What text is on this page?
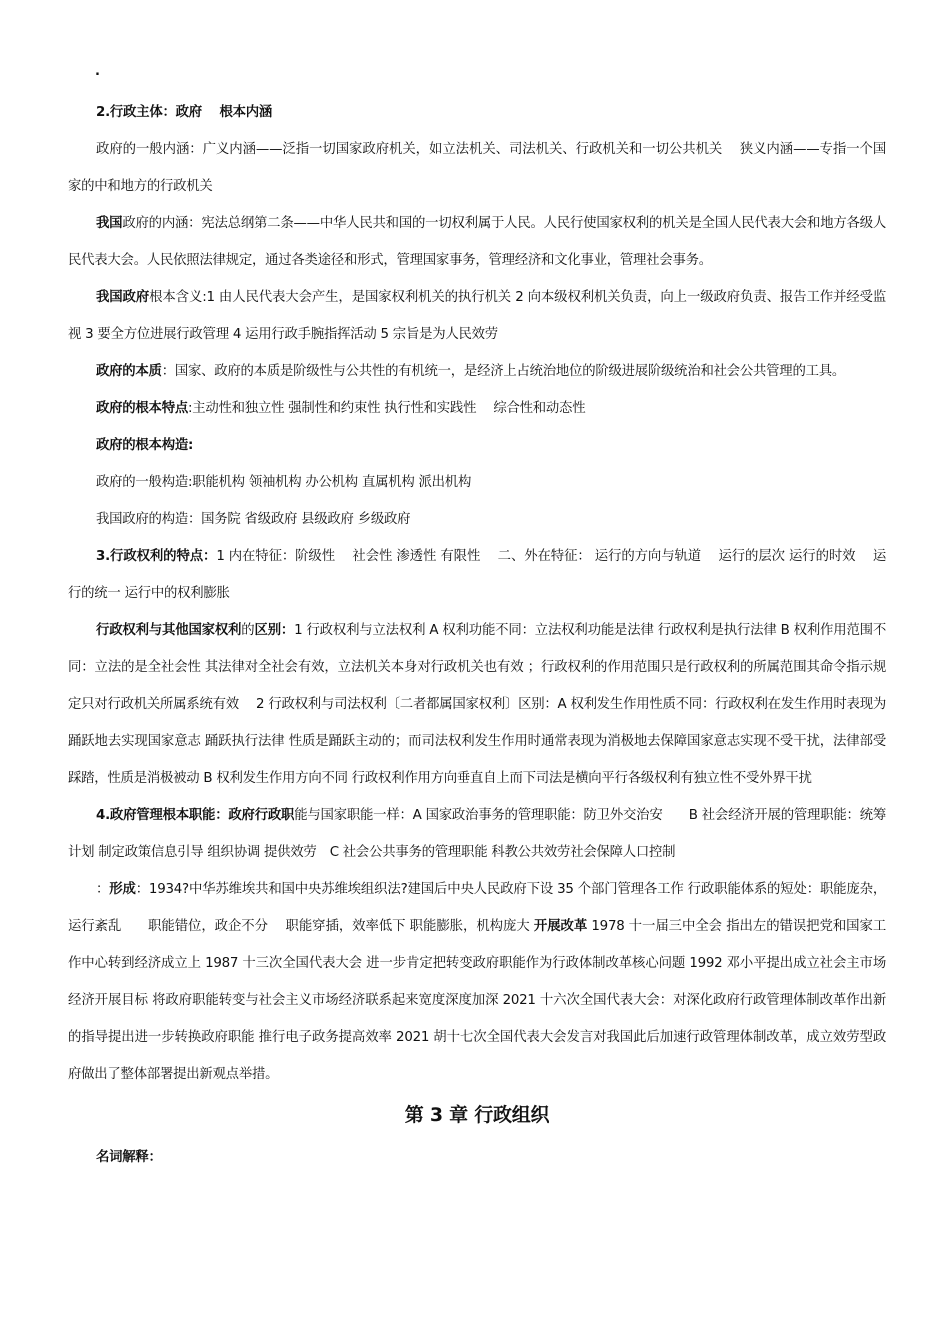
.

2.行政主体：政府　 根本内涵

政府的一般内涵：广义内涵——泛指一切国家政府机关，如立法机关、司法机关、行政机关和一切公共机关　 狭义内涵——专指一个国家的中和地方的行政机关

我国政府的内涵：宪法总纲第二条——中华人民共和国的一切权利属于人民。人民行使国家权利的机关是全国人民代表大会和地方各级人民代表大会。人民依照法律规定，通过各类途径和形式，管理国家事务，管理经济和文化事业，管理社会事务。

我国政府根本含义:1 由人民代表大会产生，是国家权利机关的执行机关 2 向本级权利机关负责，向上一级政府负责、报告工作并经受监视 3 要全方位进展行政管理 4 运用行政手腕指挥活动 5 宗旨是为人民效劳

政府的本质：国家、政府的本质是阶级性与公共性的有机统一，是经济上占统治地位的阶级进展阶级统治和社会公共管理的工具。

政府的根本特点:主动性和独立性 强制性和约束性 执行性和实践性　 综合性和动态性

政府的根本构造:

政府的一般构造:职能机构 领袖机构 办公机构 直属机构 派出机构

我国政府的构造：国务院 省级政府 县级政府 乡级政府

3.行政权利的特点：1 内在特征：阶级性　 社会性 渗透性 有限性　 二、外在特征： 运行的方向与轨道　 运行的层次 运行的时效　 运行的统一 运行中的权利膨胀

行政权利与其他国家权利的区别：1 行政权利与立法权利 A 权利功能不同：立法权利功能是法律 行政权利是执行法律 B 权利作用范围不同：立法的是全社会性 其法律对全社会有效，立法机关本身对行政机关也有效 ；行政权利的作用范围只是行政权利的所属范围其命令指示规定只对行政机关所属系统有效　 2 行政权利与司法权利〔二者都属国家权利〕区别：A 权利发生作用性质不同：行政权利在发生作用时表现为踊跃地去实现国家意志 踊跃执行法律 性质是踊跃主动的；而司法权利发生作用时通常表现为消极地去保障国家意志实现不受干扰，法律部受踩踏，性质是消极被动 B 权利发生作用方向不同 行政权利作用方向垂直自上而下司法是横向平行各级权利有独立性不受外界干扰

4.政府管理根本职能：政府行政职能与国家职能一样：A 国家政治事务的管理职能：防卫外交治安　　B 社会经济开展的管理职能：统筹计划 制定政策信息引导 组织协调 提供效劳　C 社会公共事务的管理职能 科教公共效劳社会保障人口控制

：形成：1934?中华苏维埃共和国中央苏维埃组织法?建国后中央人民政府下设 35 个部门管理各工作 行政职能体系的短处：职能庞杂，运行紊乱　　职能错位，政企不分　 职能穿插，效率低下 职能膨胀，机构庞大 开展改革 1978 十一届三中全会 指出左的错误把党和国家工作中心转到经济成立上 1987 十三次全国代表大会 进一步肯定把转变政府职能作为行政体制改革核心问题 1992 邓小平提出成立社会主市场经济开展目标 将政府职能转变与社会主义市场经济联系起来宽度深度加深 2021 十六次全国代表大会：对深化政府行政管理体制改革作出新的指导提出进一步转换政府职能 推行电子政务提高效率 2021 胡十七次全国代表大会发言对我国此后加速行政管理体制改革，成立效劳型政府做出了整体部署提出新观点举措。

第 3 章 行政组织

名词解释：
